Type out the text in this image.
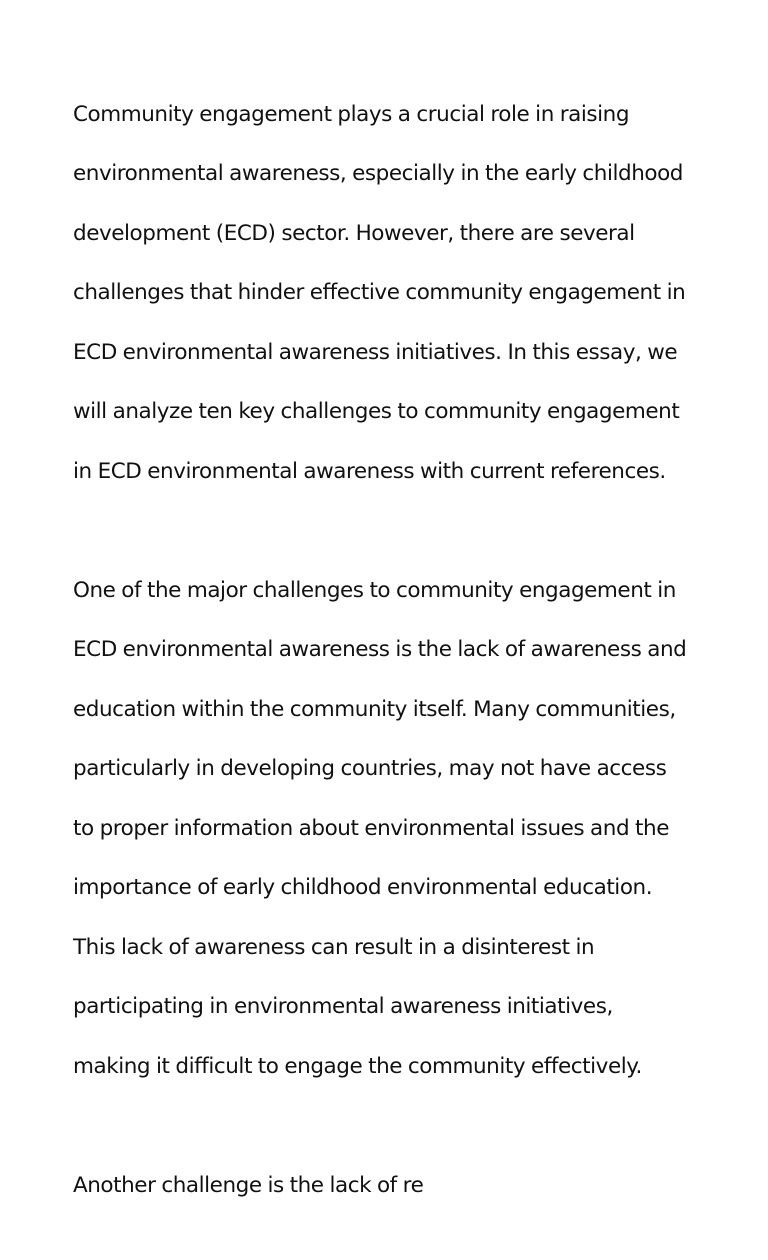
Community engagement plays a crucial role in raising

environmental awareness, especially in the early childhood

development (ECD) sector. However, there are several

challenges that hinder effective community engagement in

ECD environmental awareness initiatives. In this essay, we

will analyze ten key challenges to community engagement

in ECD environmental awareness with current references.

One of the major challenges to community engagement in

ECD environmental awareness is the lack of awareness and

education within the community itself. Many communities,

particularly in developing countries, may not have access

to proper information about environmental issues and the

importance of early childhood environmental education.

This lack of awareness can result in a disinterest in

participating in environmental awareness initiatives,

making it difficult to engage the community effectively.

Another challenge is the lack of re
